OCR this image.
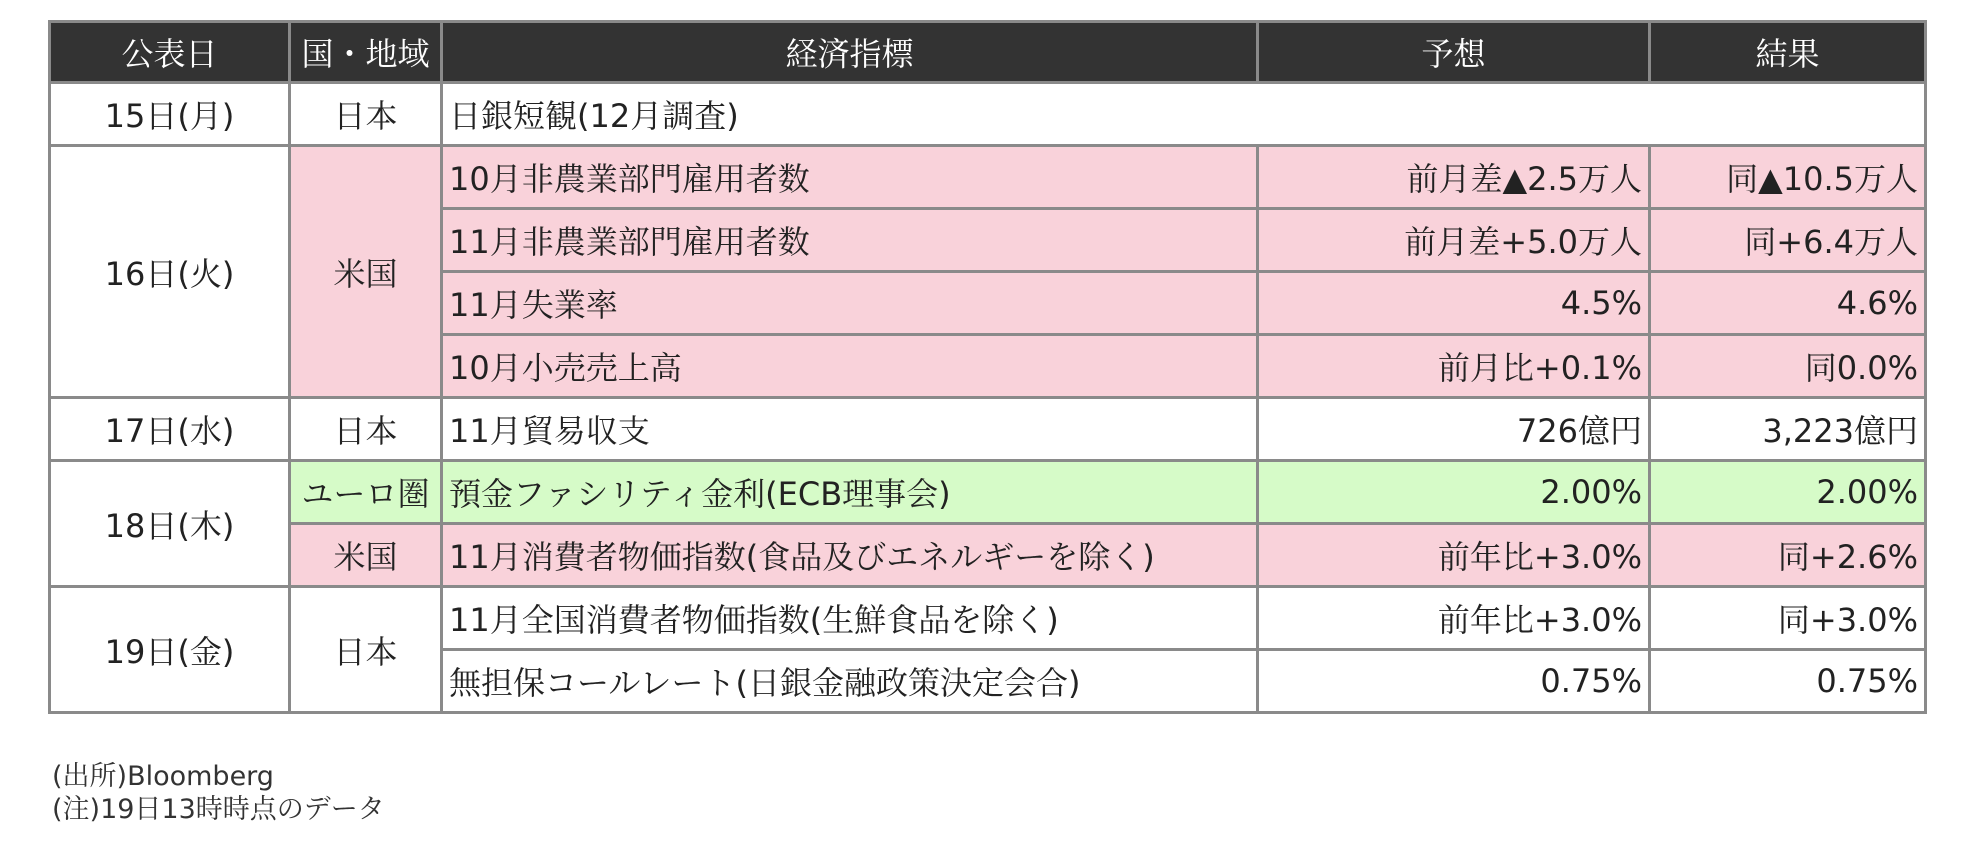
公表日	国・地域	経済指標	予想	結果
15日(月)	日本	日銀短観(12月調査)		
16日(火)	米国	10月非農業部門雇用者数	前月差▲2.5万人	同▲10.5万人
		11月非農業部門雇用者数	前月差+5.0万人	同+6.4万人
		11月失業率	4.5%	4.6%
		10月小売売上高	前月比+0.1%	同0.0%
17日(水)	日本	11月貿易収支	726億円	3,223億円
18日(木)	ユーロ圏	預金ファシリティ金利(ECB理事会)	2.00%	2.00%
	米国	11月消費者物価指数(食品及びエネルギーを除く)	前年比+3.0%	同+2.6%
19日(金)	日本	11月全国消費者物価指数(生鮮食品を除く)	前年比+3.0%	同+3.0%
		無担保コールレート(日銀金融政策決定会合)	0.75%	0.75%
(出所)Bloomberg
(注)19日13時時点のデータ
